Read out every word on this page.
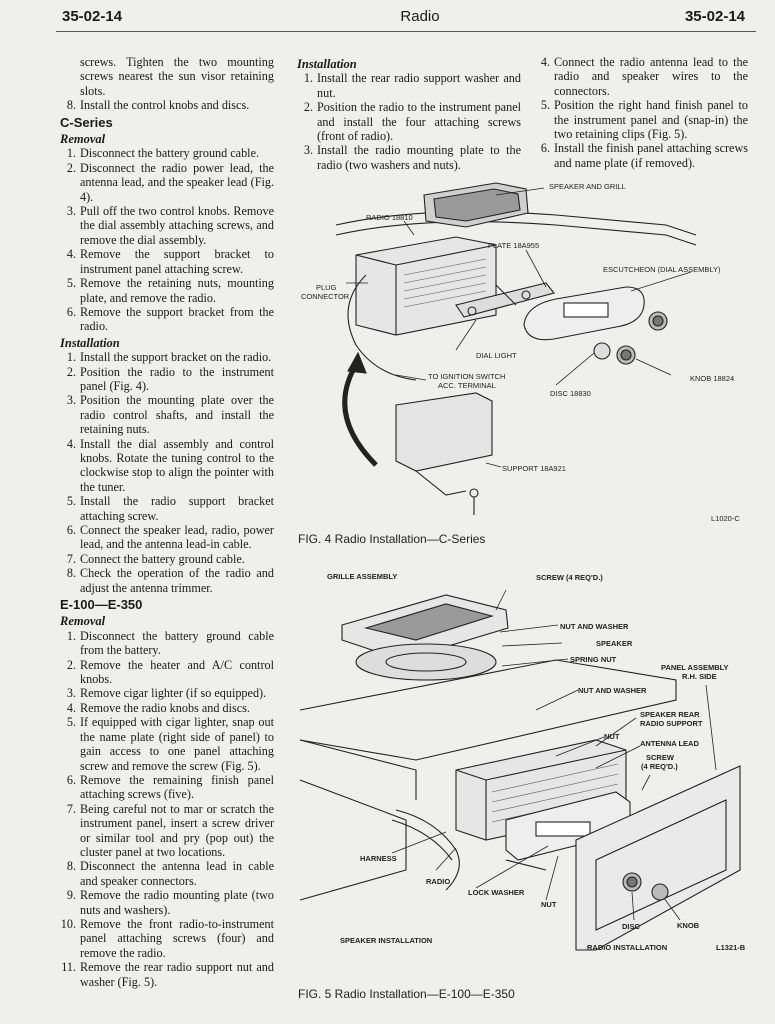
35-02-14	Radio	35-02-14

screws. Tighten the two mounting screws nearest the sun visor retaining slots.

8. Install the control knobs and discs.
C-Series
Removal
1. Disconnect the battery ground cable.
2. Disconnect the radio power lead, the antenna lead, and the speaker lead (Fig. 4).
3. Pull off the two control knobs. Remove the dial assembly attaching screws, and remove the dial assembly.
4. Remove the support bracket to instrument panel attaching screw.
5. Remove the retaining nuts, mounting plate, and remove the radio.
6. Remove the support bracket from the radio.
Installation
1. Install the support bracket on the radio.
2. Position the radio to the instrument panel (Fig. 4).
3. Position the mounting plate over the radio control shafts, and install the retaining nuts.
4. Install the dial assembly and control knobs. Rotate the tuning control to the clockwise stop to align the pointer with the tuner.
5. Install the radio support bracket attaching screw.
6. Connect the speaker lead, radio, power lead, and the antenna lead-in cable.
7. Connect the battery ground cable.
8. Check the operation of the radio and adjust the antenna trimmer.
E-100—E-350
Removal
1. Disconnect the battery ground cable from the battery.
2. Remove the heater and A/C control knobs.
3. Remove cigar lighter (if so equipped).
4. Remove the radio knobs and discs.
5. If equipped with cigar lighter, snap out the name plate (right side of panel) to gain access to one panel attaching screw and remove the screw (Fig. 5).
6. Remove the remaining finish panel attaching screws (five).
7. Being careful not to mar or scratch the instrument panel, insert a screw driver or similar tool and pry (pop out) the cluster panel at two locations.
8. Disconnect the antenna lead in cable and speaker connectors.
9. Remove the radio mounting plate (two nuts and washers).
10. Remove the front radio-to-instrument panel attaching screws (four) and remove the radio.
11. Remove the rear radio support nut and washer (Fig. 5).
Installation
1. Install the rear radio support washer and nut.
2. Position the radio to the instrument panel and install the four attaching screws (front of radio).
3. Install the radio mounting plate to the radio (two washers and nuts).
4. Connect the radio antenna lead to the radio and speaker wires to the connectors.
5. Position the right hand finish panel to the instrument panel and (snap-in) the two retaining clips (Fig. 5).
6. Install the finish panel attaching screws and name plate (if removed).
SPEAKER AND GRILL
RADIO 18810
PLATE 18A955
ESCUTCHEON (DIAL ASSEMBLY)
PLUG
CONNECTOR
DIAL LIGHT
TO IGNITION SWITCH
ACC. TERMINAL
KNOB 18824
DISC 18830
SUPPORT 18A921
L1020-C
FIG. 4 Radio Installation—C-Series
GRILLE ASSEMBLY	SCREW (4 REQ'D.)
NUT AND WASHER
SPEAKER
SPRING NUT
PANEL ASSEMBLY
R.H. SIDE
NUT AND WASHER
SPEAKER REAR
RADIO SUPPORT
NUT
ANTENNA LEAD
SCREW
(4 REQ'D.)
HARNESS
RADIO
LOCK WASHER
NUT
DISC	KNOB
SPEAKER INSTALLATION
RADIO INSTALLATION	L1321-B
FIG. 5 Radio Installation—E-100—E-350
